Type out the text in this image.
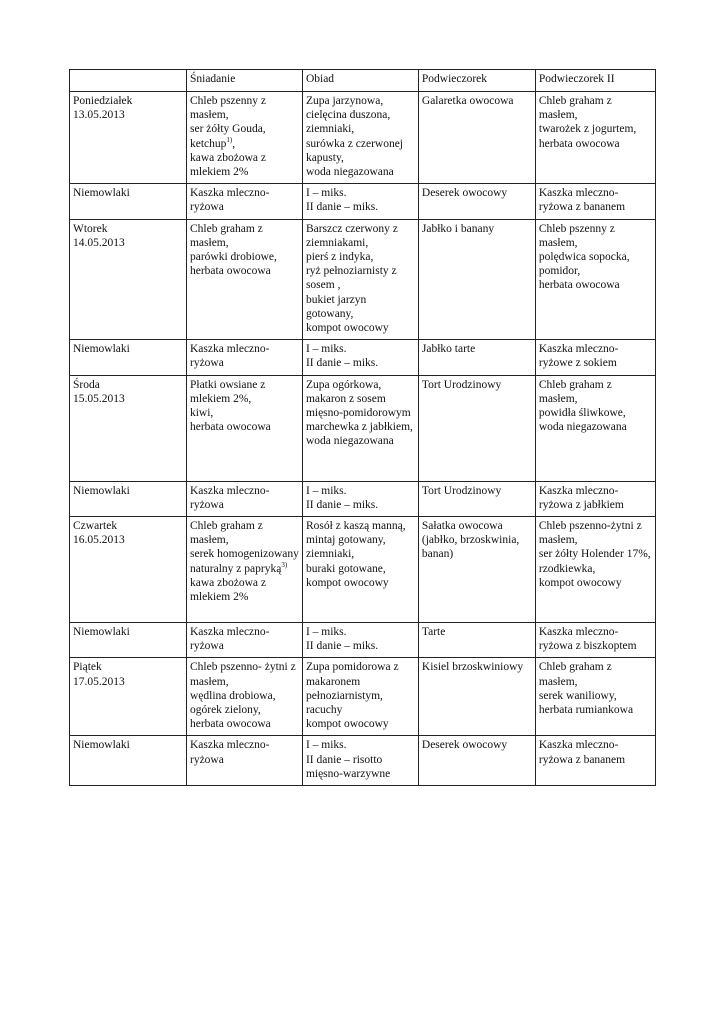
	Śniadanie	Obiad	Podwieczorek	Podwieczorek II
Poniedziałek
13.05.2013	Chleb pszenny z masłem,
ser żółty Gouda,
ketchup$^{1)}$,
kawa zbożowa z mlekiem 2%	Zupa jarzynowa,
cielęcina duszona,
ziemniaki,
surówka z czerwonej kapusty,
woda niegazowana	Galaretka owocowa	Chleb graham z masłem,
twarożek z jogurtem,
herbata owocowa
Niemowlaki	Kaszka mleczno-ryżowa	I – miks.
II danie – miks.	Deserek owocowy	Kaszka mleczno-ryżowa z bananem
Wtorek
14.05.2013	Chleb graham z masłem,
parówki drobiowe,
herbata owocowa	Barszcz czerwony z ziemniakami,
pierś z indyka,
ryż pełnoziarnisty z sosem ,
bukiet jarzyn gotowany,
kompot owocowy	Jabłko i banany	Chleb pszenny z masłem,
polędwica sopocka,
pomidor,
herbata owocowa
Niemowlaki	Kaszka mleczno-ryżowa	I – miks.
II danie – miks.	Jabłko tarte	Kaszka mleczno-ryżowe z sokiem
Środa
15.05.2013	Płatki owsiane z mlekiem 2%,
kiwi,
herbata owocowa	Zupa ogórkowa,
makaron z sosem mięsno-pomidorowym
marchewka z jabłkiem,
woda niegazowana	Tort Urodzinowy	Chleb graham z masłem,
powidła śliwkowe,
woda niegazowana
Niemowlaki	Kaszka mleczno-ryżowa	I – miks.
II danie – miks.	Tort Urodzinowy	Kaszka mleczno-ryżowa z jabłkiem
Czwartek
16.05.2013	Chleb graham z masłem,
serek homogenizowany naturalny z papryką$^{3)}$
kawa zbożowa z mlekiem 2%	Rosół z kaszą manną,
mintaj gotowany,
ziemniaki,
buraki gotowane,
kompot owocowy	Sałatka owocowa (jabłko, brzoskwinia, banan)	Chleb pszenno-żytni z masłem,
ser żółty Holender 17%,
rzodkiewka,
kompot owocowy
Niemowlaki	Kaszka mleczno-ryżowa	I – miks.
II danie – miks.	Tarte	Kaszka mleczno-ryżowa z biszkoptem
Piątek
17.05.2013	Chleb pszenno- żytni z masłem,
wędlina drobiowa,
ogórek zielony,
herbata owocowa	Zupa pomidorowa z makaronem pełnoziarnistym,
racuchy
kompot owocowy	Kisiel brzoskwiniowy	Chleb graham z masłem,
serek waniliowy,
herbata rumiankowa
Niemowlaki	Kaszka mleczno-ryżowa	I – miks.
II danie – risotto mięsno-warzywne	Deserek owocowy	Kaszka mleczno-ryżowa z bananem
